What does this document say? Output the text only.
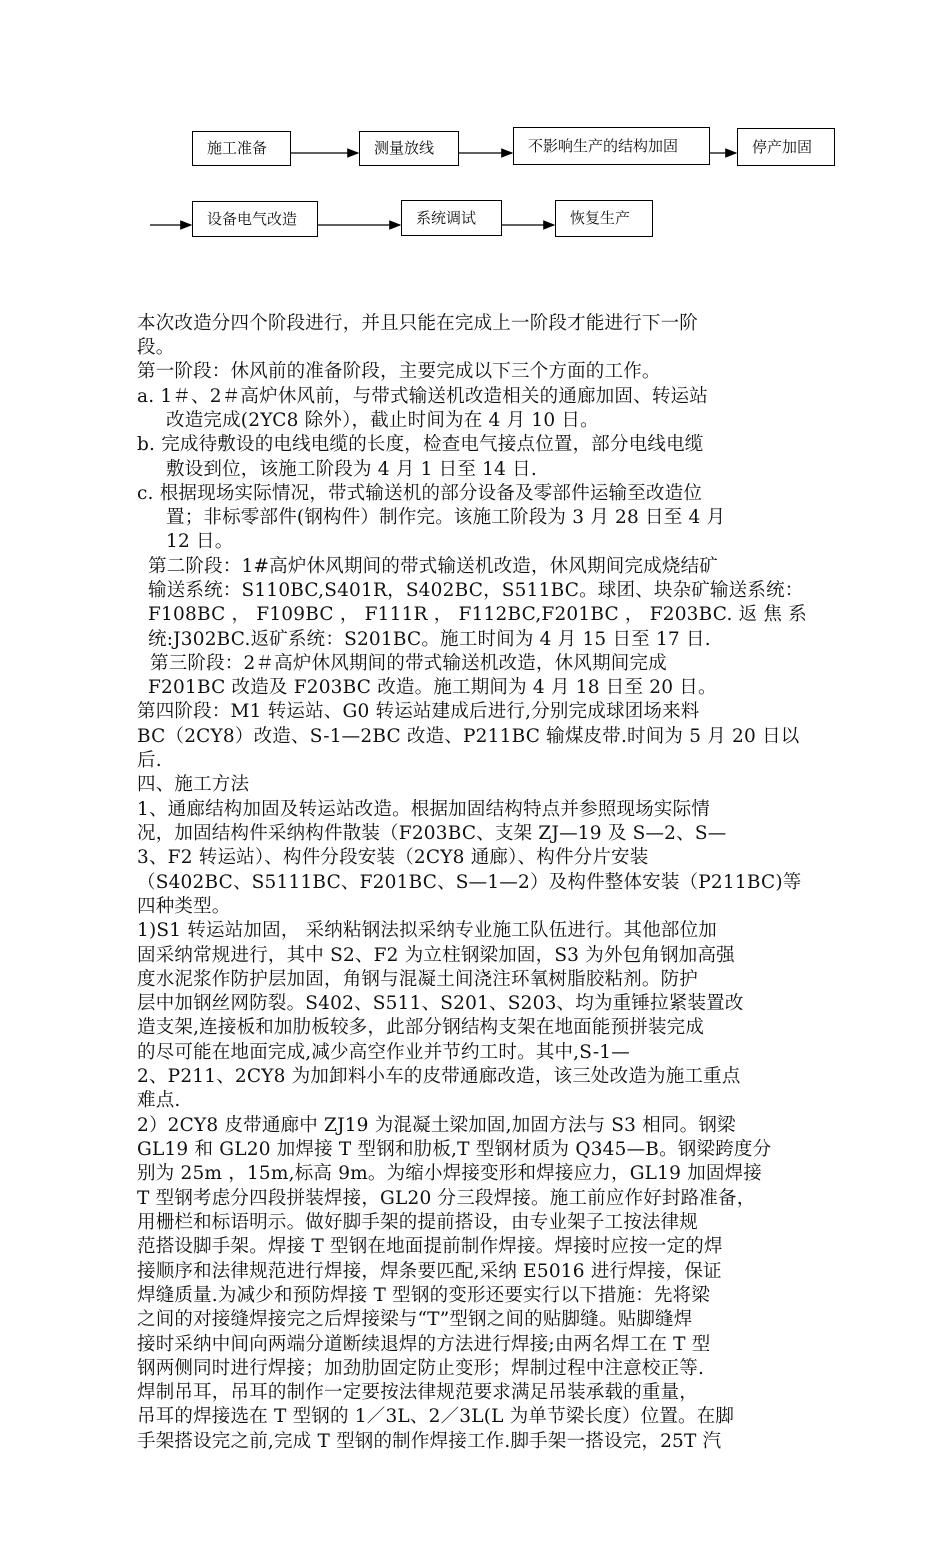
施工准备	测量放线	不影响生产的结构加固	停产加固
设备电气改造	系统调试	恢复生产

本次改造分四个阶段进行，并且只能在完成上一阶段才能进行下一阶

段。

第一阶段：休风前的准备阶段，主要完成以下三个方面的工作。

a. 1＃、2＃高炉休风前，与带式输送机改造相关的通廊加固、转运站

改造完成(2YC8 除外），截止时间为在 4 月 10 日。

b. 完成待敷设的电线电缆的长度，检查电气接点位置，部分电线电缆

敷设到位，该施工阶段为 4 月 1 日至 14 日.

c. 根据现场实际情况，带式输送机的部分设备及零部件运输至改造位

置；非标零部件(钢构件）制作完。该施工阶段为 3 月 28 日至 4 月

12 日。

第二阶段：1#高炉休风期间的带式输送机改造，休风期间完成烧结矿

输送系统：S110BC,S401R，S402BC，S511BC。球团、块杂矿输送系统：

F108BC ， F109BC ， F111R ， F112BC,F201BC ， F203BC. 返 焦 系

统:J302BC.返矿系统：S201BC。施工时间为 4 月 15 日至 17 日.

第三阶段：2＃高炉休风期间的带式输送机改造，休风期间完成

F201BC 改造及 F203BC 改造。施工期间为 4 月 18 日至 20 日。

第四阶段：M1 转运站、G0 转运站建成后进行,分别完成球团场来料

BC（2CY8）改造、S-1—2BC 改造、P211BC 输煤皮带.时间为 5 月 20 日以

后.

四、施工方法

1、通廊结构加固及转运站改造。根据加固结构特点并参照现场实际情

况，加固结构件采纳构件散装（F203BC、支架 ZJ—19 及 S—2、S—

3、F2 转运站）、构件分段安装（2CY8 通廊）、构件分片安装

（S402BC、S5111BC、F201BC、S—1—2）及构件整体安装（P211BC)等

四种类型。

1)S1 转运站加固， 采纳粘钢法拟采纳专业施工队伍进行。其他部位加

固采纳常规进行，其中 S2、F2 为立柱钢梁加固，S3 为外包角钢加高强

度水泥浆作防护层加固，角钢与混凝土间浇注环氧树脂胶粘剂。防护

层中加钢丝网防裂。S402、S511、S201、S203、均为重锤拉紧装置改

造支架,连接板和加肋板较多，此部分钢结构支架在地面能预拼装完成

的尽可能在地面完成,减少高空作业并节约工时。其中,S-1—

2、P211、2CY8 为加卸料小车的皮带通廊改造，该三处改造为施工重点

难点.

2）2CY8 皮带通廊中 ZJ19 为混凝土梁加固,加固方法与 S3 相同。钢梁

GL19 和 GL20 加焊接 T 型钢和肋板,T 型钢材质为 Q345—B。钢梁跨度分

别为 25m ，15m,标高 9m。为缩小焊接变形和焊接应力，GL19 加固焊接

T 型钢考虑分四段拼装焊接，GL20 分三段焊接。施工前应作好封路准备，

用栅栏和标语明示。做好脚手架的提前搭设，由专业架子工按法律规

范搭设脚手架。焊接 T 型钢在地面提前制作焊接。焊接时应按一定的焊

接顺序和法律规范进行焊接，焊条要匹配,采纳 E5016 进行焊接，保证

焊缝质量.为减少和预防焊接 T 型钢的变形还要实行以下措施：先将梁

之间的对接缝焊接完之后焊接梁与“T”型钢之间的贴脚缝。贴脚缝焊

接时采纳中间向两端分道断续退焊的方法进行焊接;由两名焊工在 T 型

钢两侧同时进行焊接；加劲肋固定防止变形；焊制过程中注意校正等.

焊制吊耳，吊耳的制作一定要按法律规范要求满足吊装承载的重量，

吊耳的焊接选在 T 型钢的 1／3L、2／3L(L 为单节梁长度）位置。在脚

手架搭设完之前,完成 T 型钢的制作焊接工作.脚手架一搭设完，25T 汽
